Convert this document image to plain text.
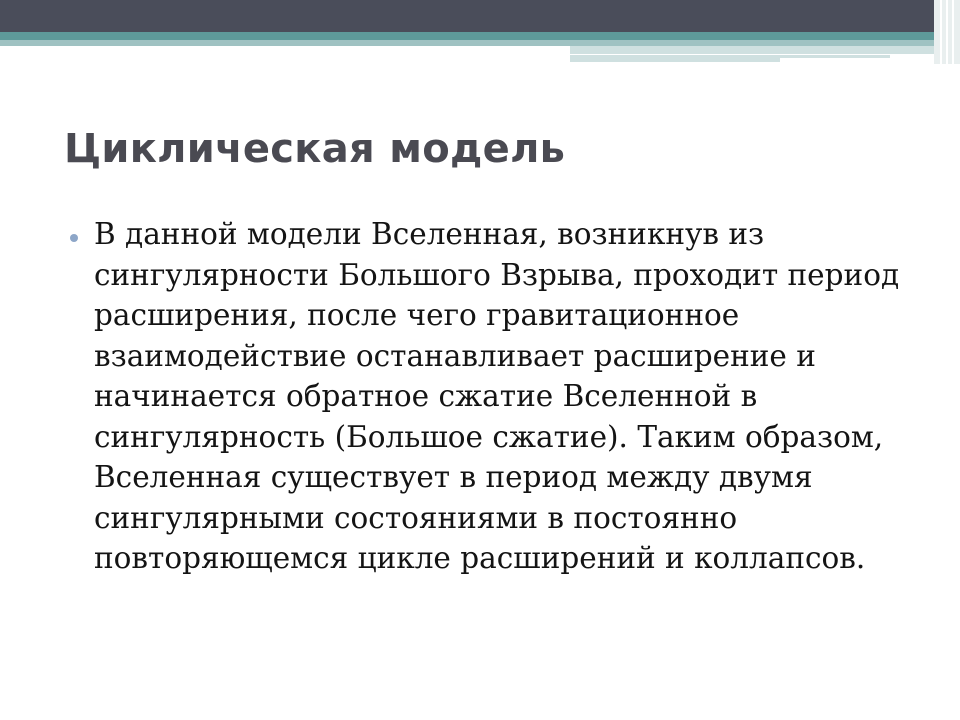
Циклическая модель

В данной модели Вселенная, возникнув из сингулярности Большого Взрыва, проходит период расширения, после чего гравитационное взаимодействие останавливает расширение и начинается обратное сжатие Вселенной в сингулярность (Большое сжатие). Таким образом, Вселенная существует в период между двумя сингулярными состояниями в постоянно повторяющемся цикле расширений и коллапсов.
